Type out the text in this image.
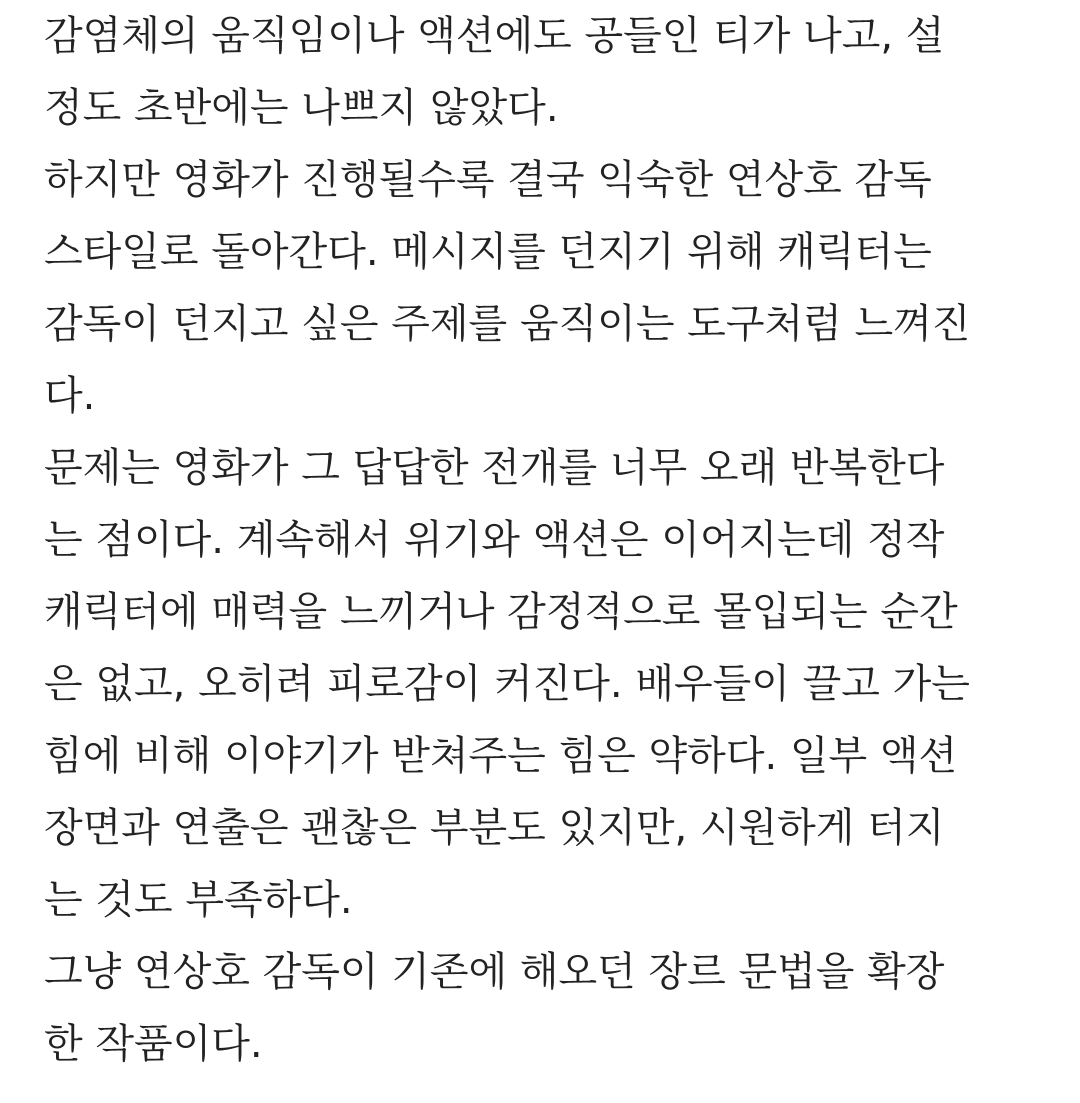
감염체의 움직임이나 액션에도 공들인 티가 나고, 설
정도 초반에는 나쁘지 않았다.
하지만 영화가 진행될수록 결국 익숙한 연상호 감독
스타일로 돌아간다. 메시지를 던지기 위해 캐릭터는
감독이 던지고 싶은 주제를 움직이는 도구처럼 느껴진
다.
문제는 영화가 그 답답한 전개를 너무 오래 반복한다
는 점이다. 계속해서 위기와 액션은 이어지는데 정작
캐릭터에 매력을 느끼거나 감정적으로 몰입되는 순간
은 없고, 오히려 피로감이 커진다. 배우들이 끌고 가는
힘에 비해 이야기가 받쳐주는 힘은 약하다. 일부 액션
장면과 연출은 괜찮은 부분도 있지만, 시원하게 터지
는 것도 부족하다.
그냥 연상호 감독이 기존에 해오던 장르 문법을 확장
한 작품이다.
